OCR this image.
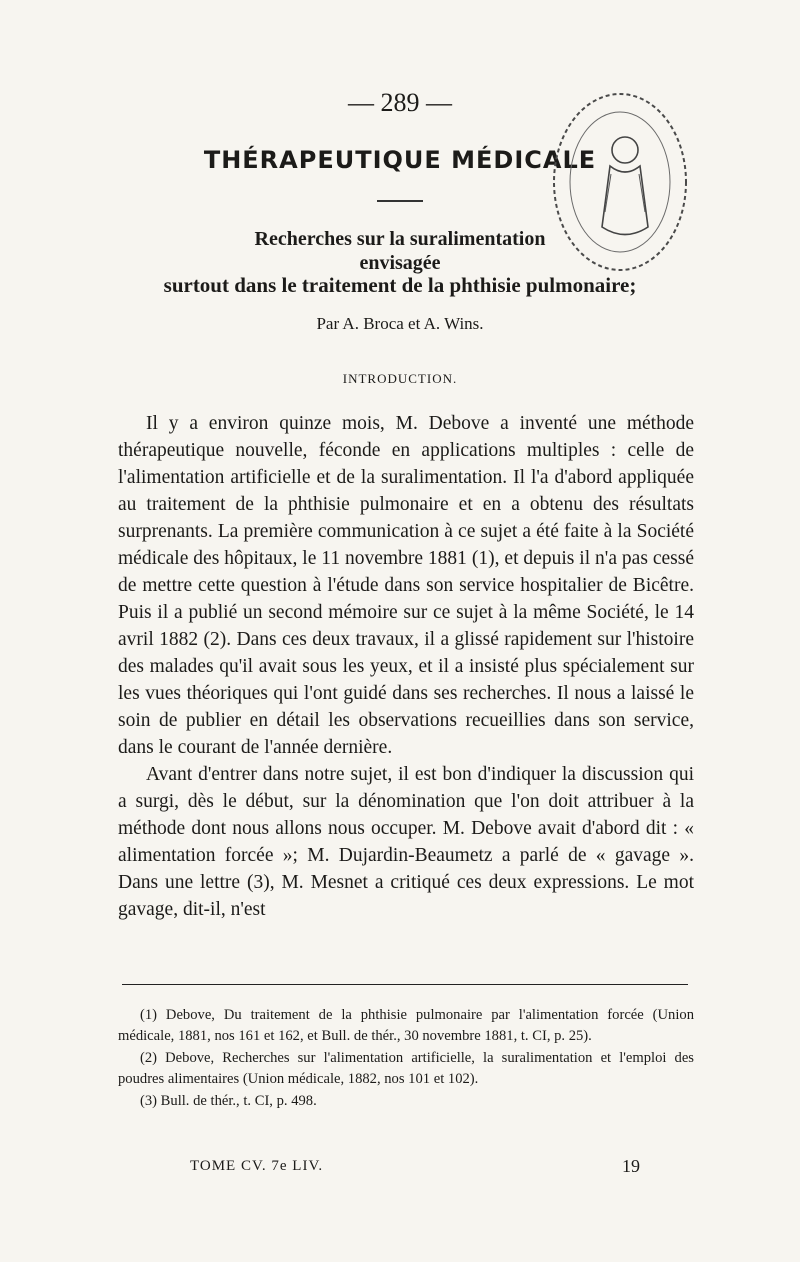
— 289 —
THÉRAPEUTIQUE MÉDICALE
Recherches sur la suralimentation
envisagée
surtout dans le traitement de la phthisie pulmonaire;
Par A. Broca et A. Wins.
INTRODUCTION.

Il y a environ quinze mois, M. Debove a inventé une méthode thérapeutique nouvelle, féconde en applications multiples : celle de l'alimentation artificielle et de la suralimentation. Il l'a d'abord appliquée au traitement de la phthisie pulmonaire et en a obtenu des résultats surprenants. La première communication à ce sujet a été faite à la Société médicale des hôpitaux, le 11 novembre 1881 (1), et depuis il n'a pas cessé de mettre cette question à l'étude dans son service hospitalier de Bicêtre. Puis il a publié un second mémoire sur ce sujet à la même Société, le 14 avril 1882 (2). Dans ces deux travaux, il a glissé rapidement sur l'histoire des malades qu'il avait sous les yeux, et il a insisté plus spécialement sur les vues théoriques qui l'ont guidé dans ses recherches. Il nous a laissé le soin de publier en détail les observations recueillies dans son service, dans le courant de l'année dernière.

Avant d'entrer dans notre sujet, il est bon d'indiquer la discussion qui a surgi, dès le début, sur la dénomination que l'on doit attribuer à la méthode dont nous allons nous occuper. M. Debove avait d'abord dit : « alimentation forcée »; M. Dujardin-Beaumetz a parlé de « gavage ». Dans une lettre (3), M. Mesnet a critiqué ces deux expressions. Le mot gavage, dit-il, n'est

(1) Debove, Du traitement de la phthisie pulmonaire par l'alimentation forcée (Union médicale, 1881, nos 161 et 162, et Bull. de thér., 30 novembre 1881, t. CI, p. 25).

(2) Debove, Recherches sur l'alimentation artificielle, la suralimentation et l'emploi des poudres alimentaires (Union médicale, 1882, nos 101 et 102).

(3) Bull. de thér., t. CI, p. 498.

TOME CV. 7e LIV.	19
